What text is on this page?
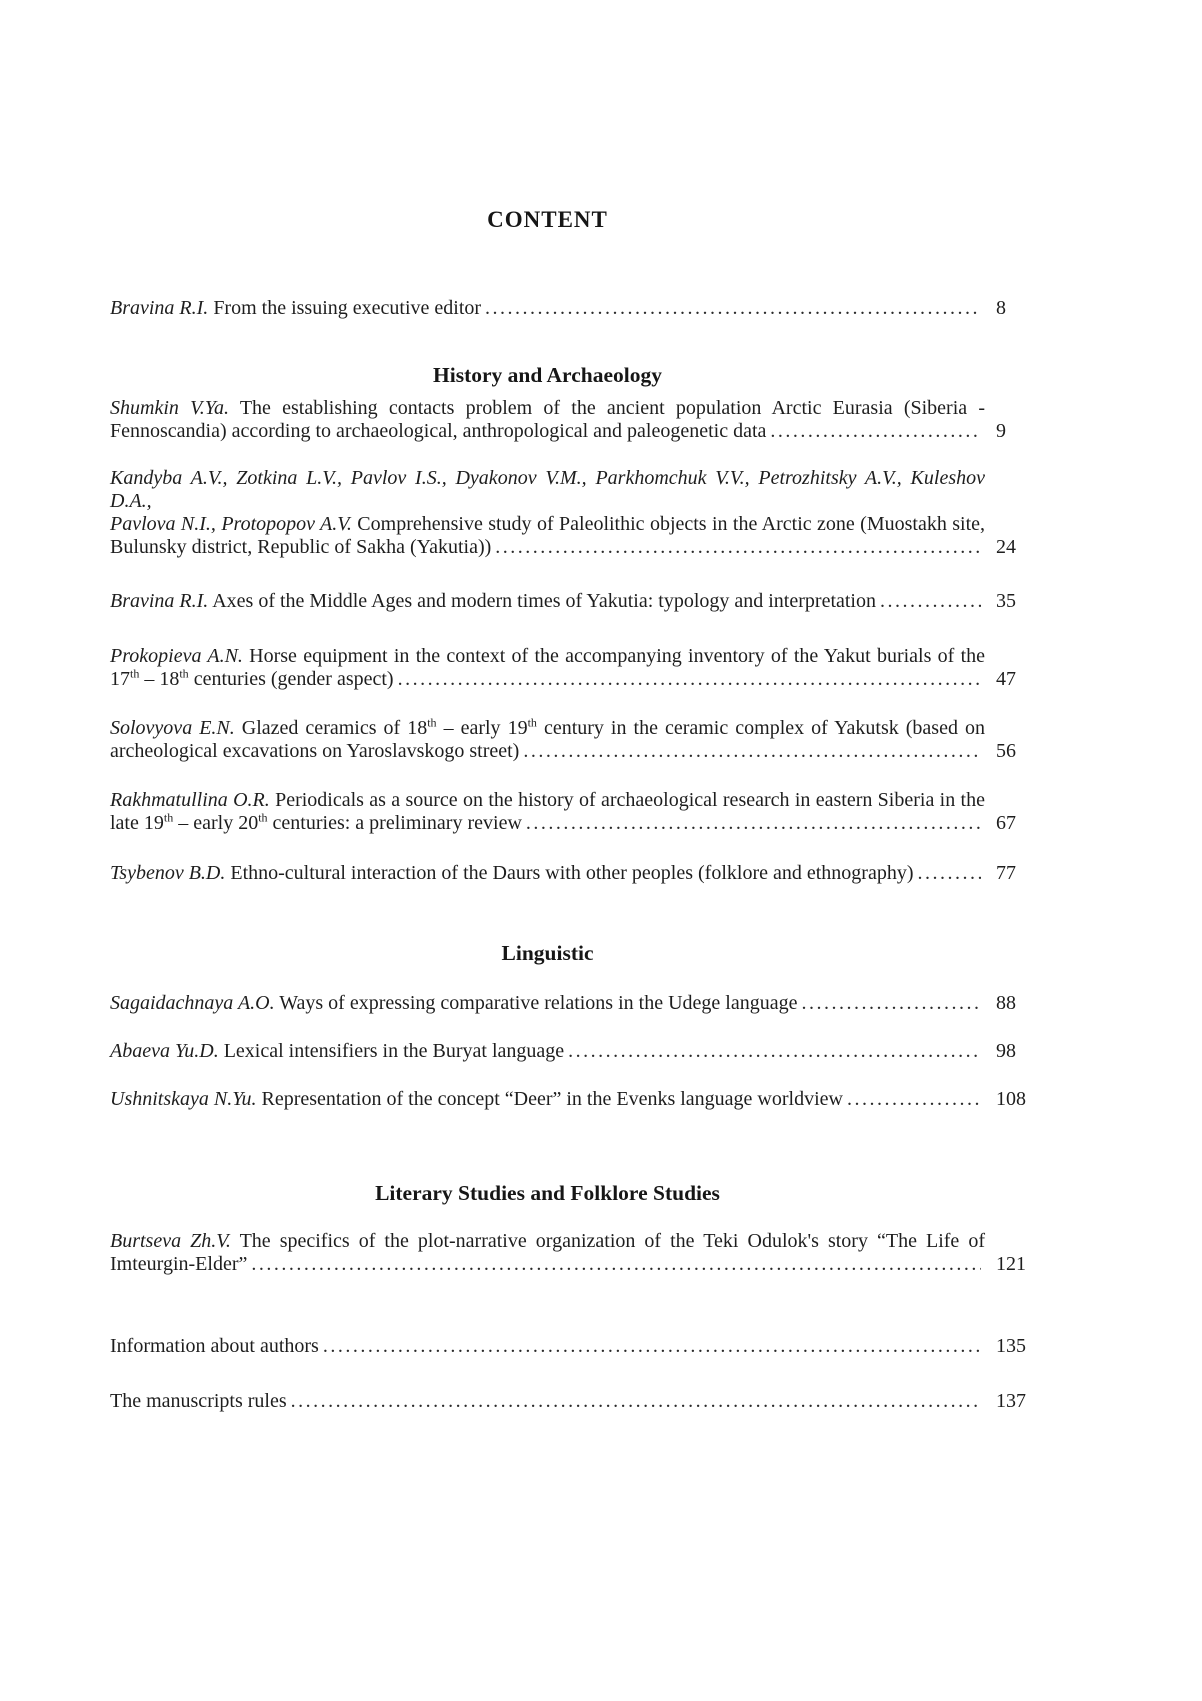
CONTENT
Bravina R.I. From the issuing executive editor .....	8
History and Archaeology
Shumkin V.Ya. The establishing contacts problem of the ancient population Arctic Eurasia (Siberia -
Fennoscandia) according to archaeological, anthropological and paleogenetic data .....	9
Kandyba A.V., Zotkina L.V., Pavlov I.S., Dyakonov V.M., Parkhomchuk V.V., Petrozhitsky A.V., Kuleshov D.A.,
Pavlova N.I., Protopopov A.V. Comprehensive study of Paleolithic objects in the Arctic zone (Muostakh site,
Bulunsky district, Republic of Sakha (Yakutia)) .....	24
Bravina R.I. Axes of the Middle Ages and modern times of Yakutia: typology and interpretation .....	35
Prokopieva A.N. Horse equipment in the context of the accompanying inventory of the Yakut burials of the
17th – 18th centuries (gender aspect) .....	47
Solovyova E.N. Glazed ceramics of 18th – early 19th century in the ceramic complex of Yakutsk (based on
archeological excavations on Yaroslavskogo street) .....	56
Rakhmatullina O.R. Periodicals as a source on the history of archaeological research in eastern Siberia in the
late 19th – early 20th centuries: a preliminary review .....	67
Tsybenov B.D. Ethno-cultural interaction of the Daurs with other peoples (folklore and ethnography) .....	77
Linguistic
Sagaidachnaya A.O. Ways of expressing comparative relations in the Udege language .....	88
Abaeva Yu.D. Lexical intensifiers in the Buryat language .....	98
Ushnitskaya N.Yu. Representation of the concept “Deer” in the Evenks language worldview .....	108
Literary Studies and Folklore Studies
Burtseva Zh.V. The specifics of the plot-narrative organization of the Teki Odulok's story “The Life of
Imteurgin-Elder” .....	121
Information about authors .....	135
The manuscripts rules .....	137
